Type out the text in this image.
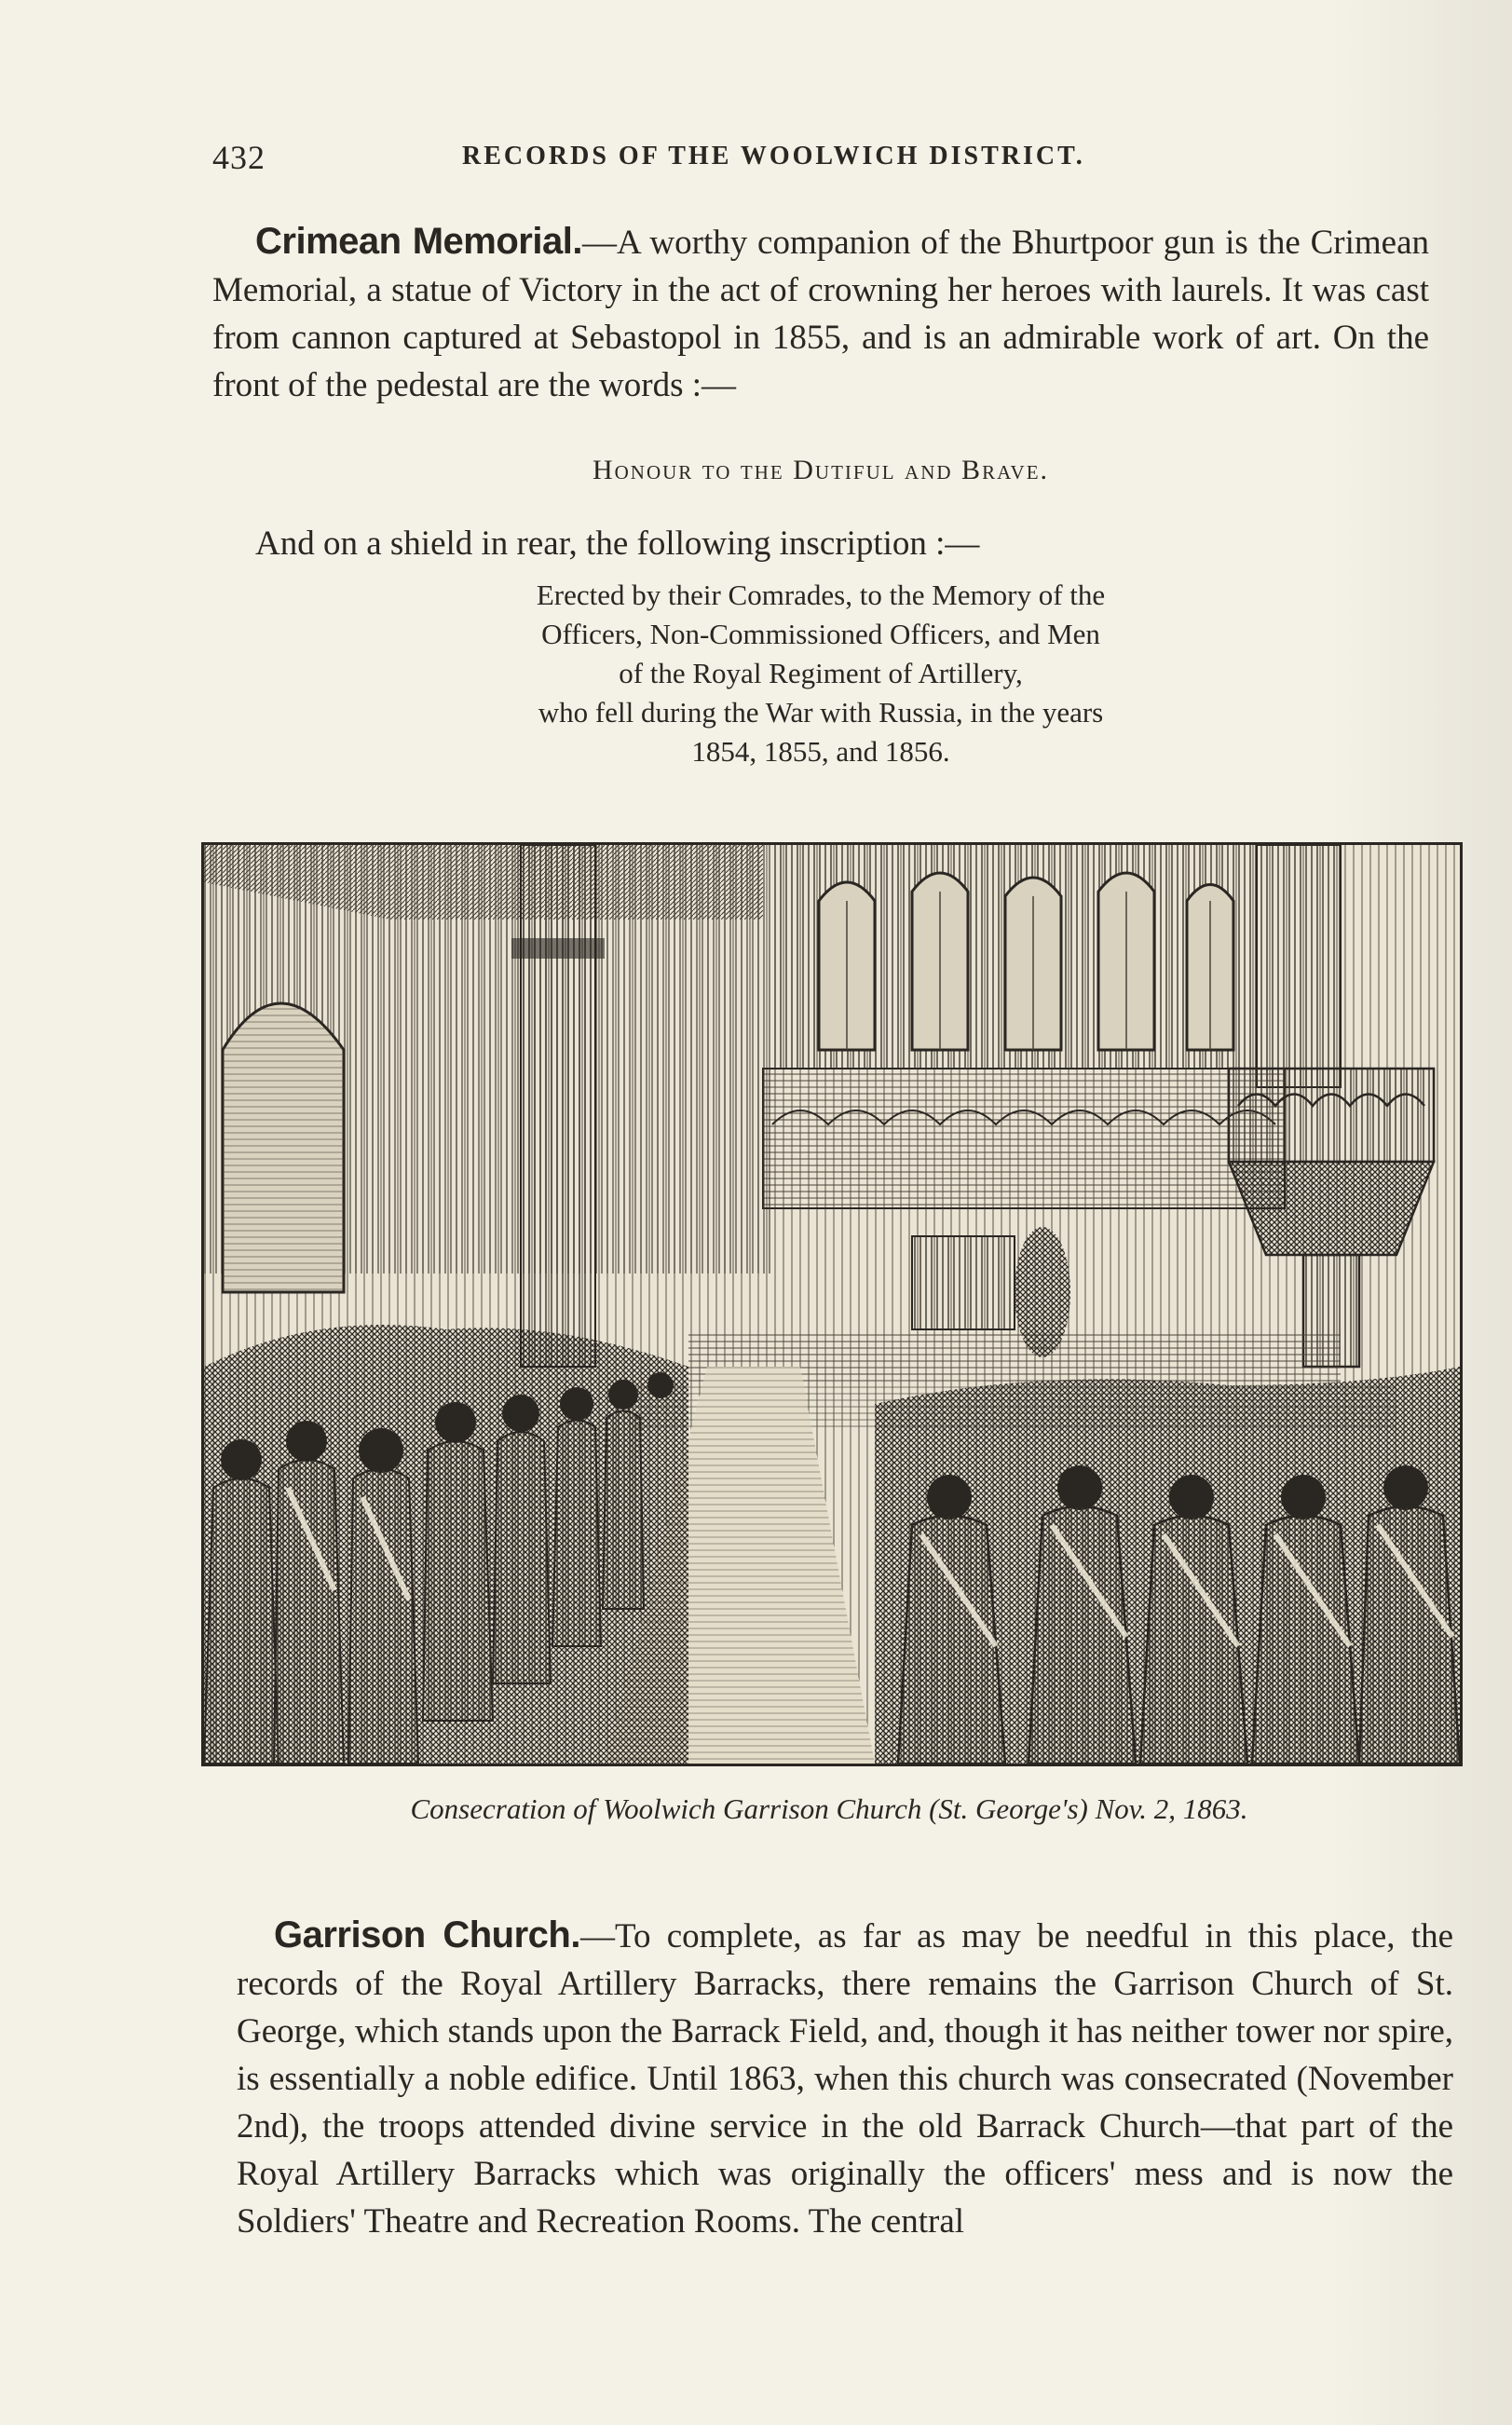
432	RECORDS OF THE WOOLWICH DISTRICT.
Crimean Memorial.—A worthy companion of the Bhurtpoor gun is the Crimean Memorial, a statue of Victory in the act of crowning her heroes with laurels. It was cast from cannon captured at Sebastopol in 1855, and is an admirable work of art. On the front of the pedestal are the words :—
Honour to the Dutiful and Brave.
And on a shield in rear, the following inscription :—
Erected by their Comrades, to the Memory of the
Officers, Non-Commissioned Officers, and Men
of the Royal Regiment of Artillery,
who fell during the War with Russia, in the years
1854, 1855, and 1856.
Consecration of Woolwich Garrison Church (St. George's) Nov. 2, 1863.
Garrison Church.—To complete, as far as may be needful in this place, the records of the Royal Artillery Barracks, there remains the Garrison Church of St. George, which stands upon the Barrack Field, and, though it has neither tower nor spire, is essentially a noble edifice. Until 1863, when this church was consecrated (November 2nd), the troops attended divine service in the old Barrack Church—that part of the Royal Artillery Barracks which was originally the officers' mess and is now the Soldiers' Theatre and Recreation Rooms. The central
